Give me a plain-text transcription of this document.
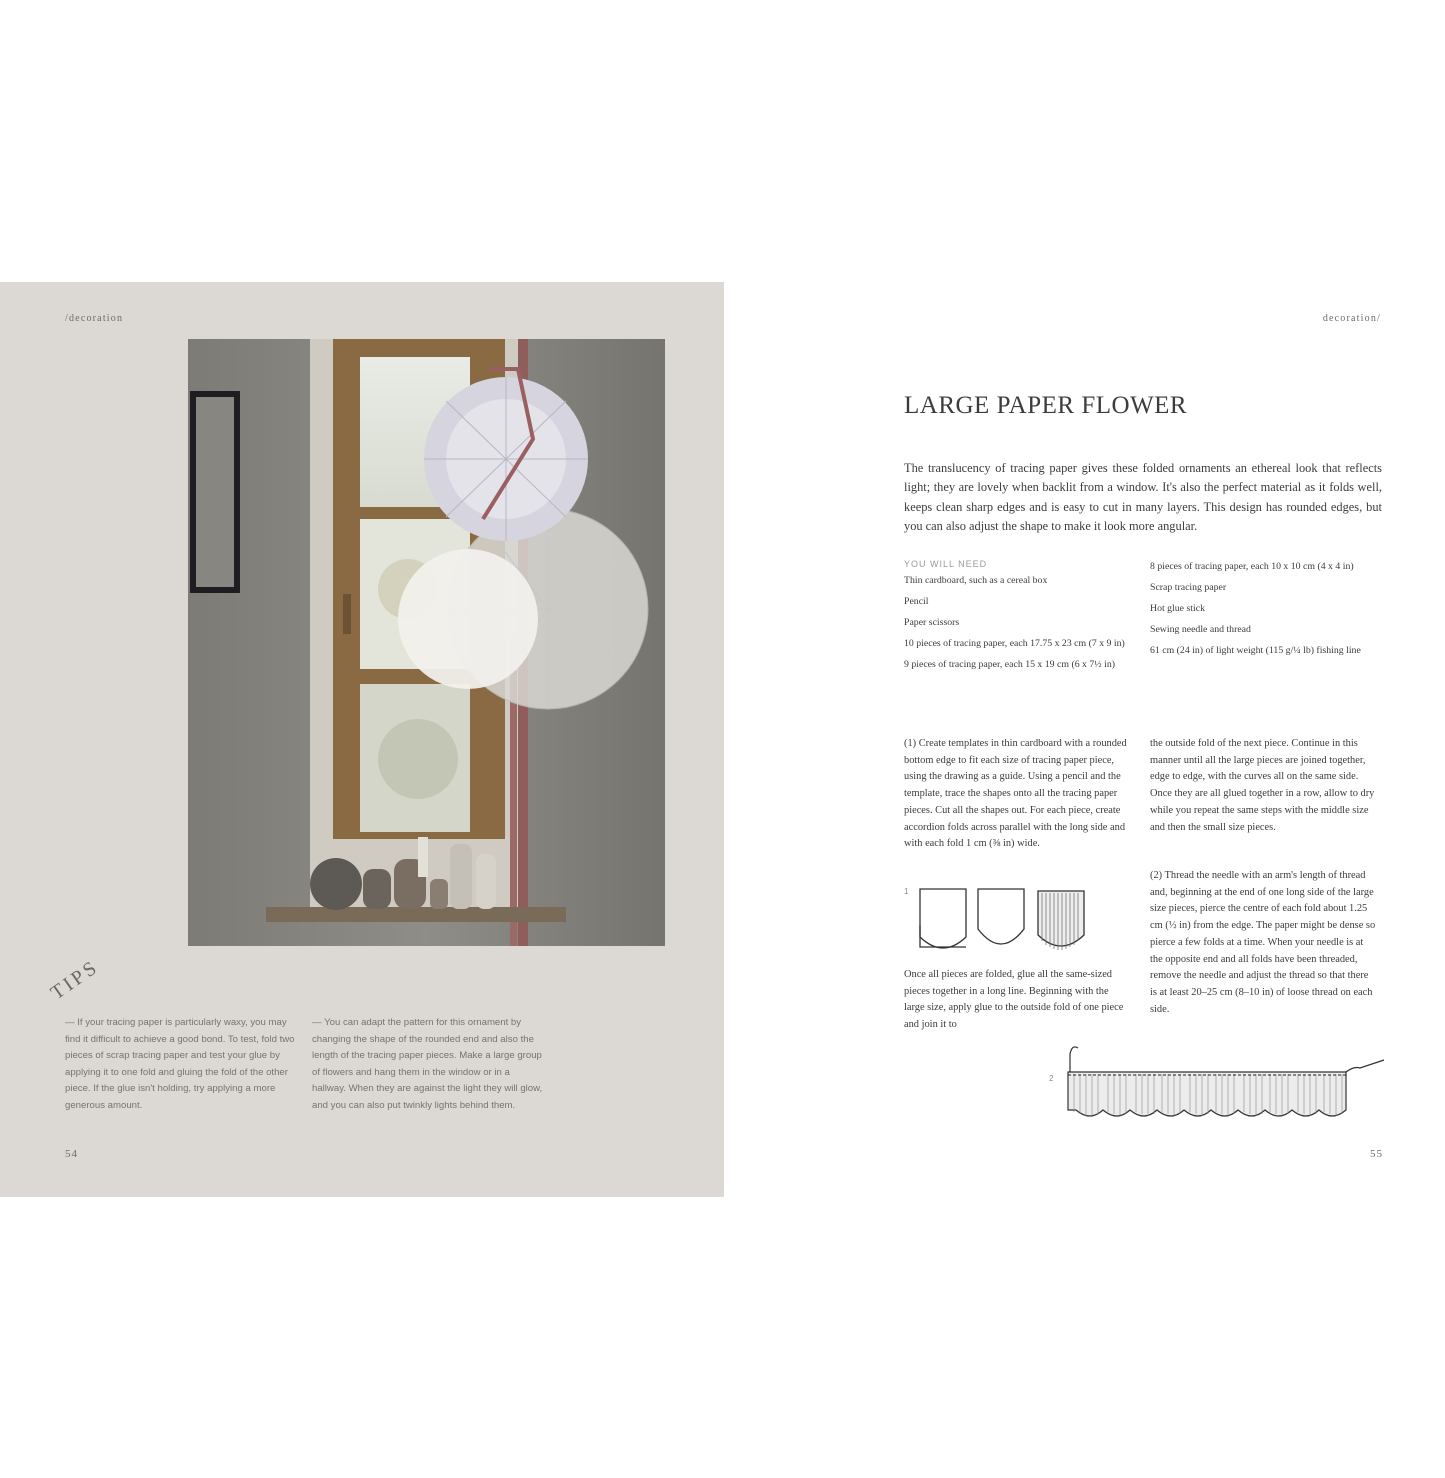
/decoration
TIPS
— If your tracing paper is particularly waxy, you may find it difficult to achieve a good bond. To test, fold two pieces of scrap tracing paper and test your glue by applying it to one fold and gluing the fold of the other piece. If the glue isn't holding, try applying a more generous amount.
— You can adapt the pattern for this ornament by changing the shape of the rounded end and also the length of the tracing paper pieces. Make a large group of flowers and hang them in the window or in a hallway. When they are against the light they will glow, and you can also put twinkly lights behind them.
54
decoration/
LARGE PAPER FLOWER
The translucency of tracing paper gives these folded ornaments an ethereal look that reflects light; they are lovely when backlit from a window. It's also the perfect material as it folds well, keeps clean sharp edges and is easy to cut in many layers. This design has rounded edges, but you can also adjust the shape to make it look more angular.
YOU WILL NEED
Thin cardboard, such as a cereal box
Pencil
Paper scissors
10 pieces of tracing paper, each 17.75 x 23 cm (7 x 9 in)
9 pieces of tracing paper, each 15 x 19 cm (6 x 7½ in)
8 pieces of tracing paper, each 10 x 10 cm (4 x 4 in)
Scrap tracing paper
Hot glue stick
Sewing needle and thread
61 cm (24 in) of light weight (115 g/¼ lb) fishing line
(1) Create templates in thin cardboard with a rounded bottom edge to fit each size of tracing paper piece, using the drawing as a guide. Using a pencil and the template, trace the shapes onto all the tracing paper pieces. Cut all the shapes out. For each piece, create accordion folds across parallel with the long side and with each fold 1 cm (⅜ in) wide.
1
Once all pieces are folded, glue all the same-sized pieces together in a long line. Beginning with the large size, apply glue to the outside fold of one piece and join it to
the outside fold of the next piece. Continue in this manner until all the large pieces are joined together, edge to edge, with the curves all on the same side. Once they are all glued together in a row, allow to dry while you repeat the same steps with the middle size and then the small size pieces.
(2) Thread the needle with an arm's length of thread and, beginning at the end of one long side of the large size pieces, pierce the centre of each fold about 1.25 cm (½ in) from the edge. The paper might be dense so pierce a few folds at a time. When your needle is at the opposite end and all folds have been threaded, remove the needle and adjust the thread so that there is at least 20–25 cm (8–10 in) of loose thread on each side.
2
55
